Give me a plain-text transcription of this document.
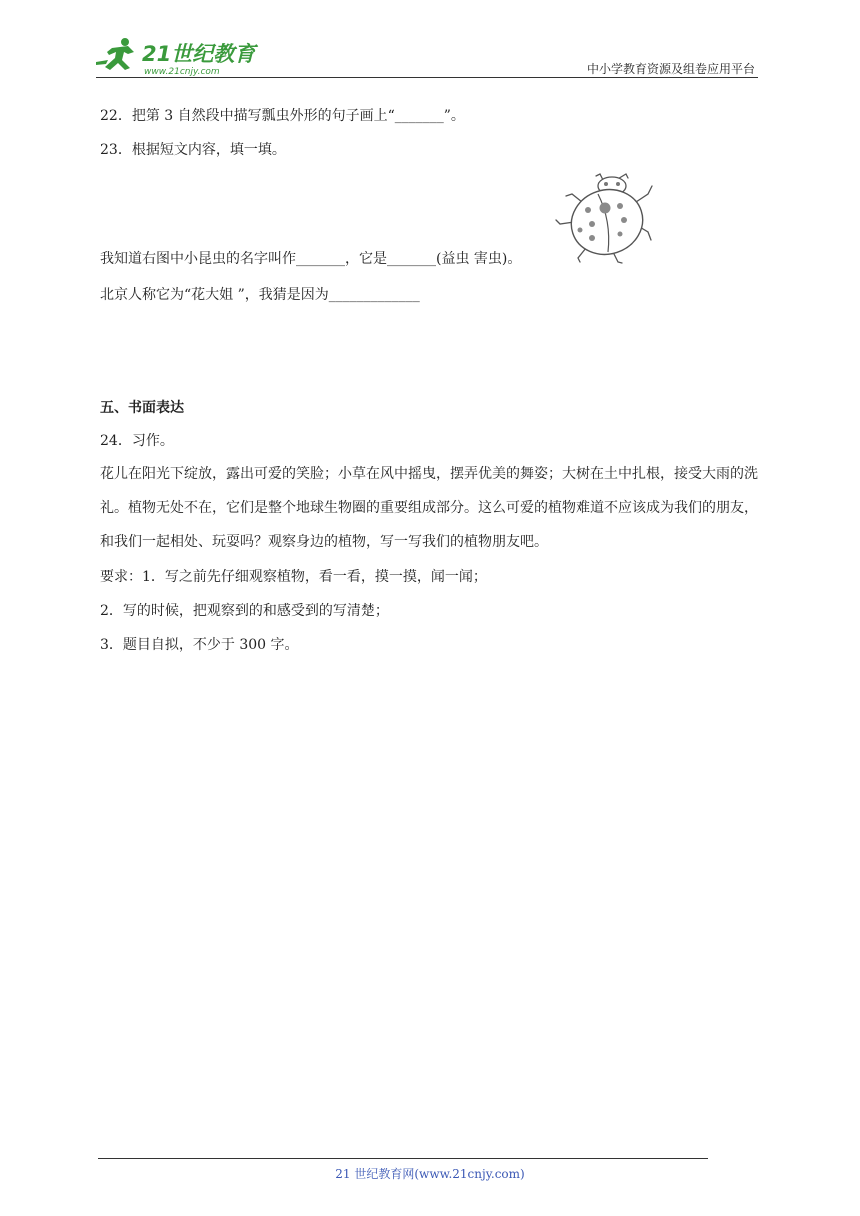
21世纪教育
www.21cnjy.com	中小学教育资源及组卷应用平台
22．把第 3 自然段中描写瓢虫外形的句子画上“_______”。
23．根据短文内容，填一填。
我知道右图中小昆虫的名字叫作_______，它是_______(益虫 害虫)。
北京人称它为“花大姐 ”，我猜是因为_____________
五、书面表达
24．习作。
花儿在阳光下绽放，露出可爱的笑脸；小草在风中摇曳，摆弄优美的舞姿；大树在土中扎根，接受大雨的洗礼。植物无处不在，它们是整个地球生物圈的重要组成部分。这么可爱的植物难道不应该成为我们的朋友，和我们一起相处、玩耍吗？观察身边的植物，写一写我们的植物朋友吧。
要求：1．写之前先仔细观察植物，看一看，摸一摸，闻一闻；
2．写的时候，把观察到的和感受到的写清楚；
3．题目自拟，不少于 300 字。
21 世纪教育网(www.21cnjy.com)
